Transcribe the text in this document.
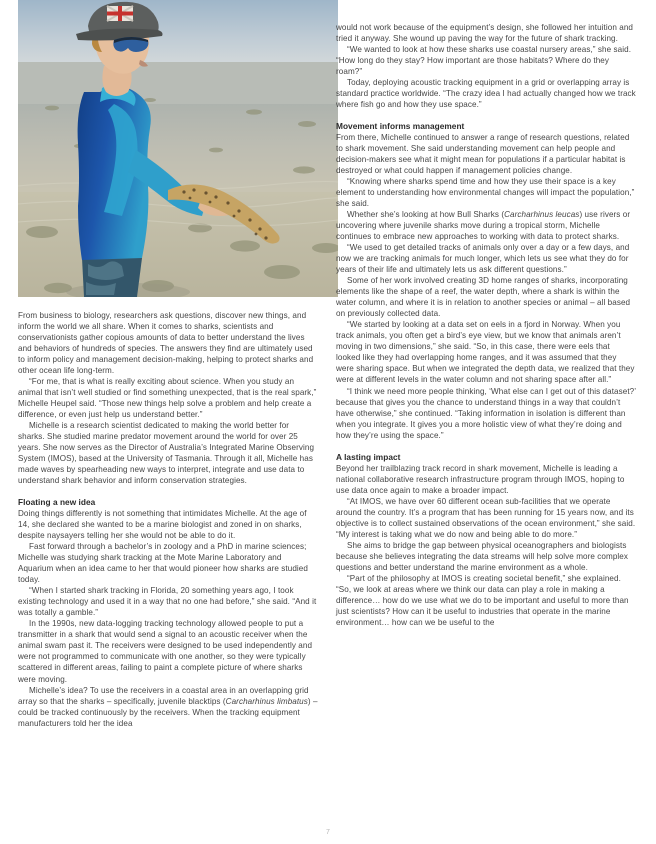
From business to biology, researchers ask questions, discover new things, and inform the world we all share. When it comes to sharks, scientists and conservationists gather copious amounts of data to better understand the lives and behaviors of hundreds of species. The answers they find are ultimately used to inform policy and management decision-making, helping to protect sharks and other ocean life long-term.

“For me, that is what is really exciting about science. When you study an animal that isn’t well studied or find something unexpected, that is the real spark,” Michelle Heupel said. “Those new things help solve a problem and help create a difference, or even just help us understand better.”

Michelle is a research scientist dedicated to making the world better for sharks. She studied marine predator movement around the world for over 25 years. She now serves as the Director of Australia’s Integrated Marine Observing System (IMOS), based at the University of Tasmania. Through it all, Michelle has made waves by spearheading new ways to interpret, integrate and use data to understand shark behavior and inform conservation strategies.

Floating a new idea

Doing things differently is not something that intimidates Michelle. At the age of 14, she declared she wanted to be a marine biologist and zoned in on sharks, despite naysayers telling her she would not be able to do it.

Fast forward through a bachelor’s in zoology and a PhD in marine sciences; Michelle was studying shark tracking at the Mote Marine Laboratory and Aquarium when an idea came to her that would pioneer how sharks are studied today.

“When I started shark tracking in Florida, 20 something years ago, I took existing technology and used it in a way that no one had before,” she said. “And it was totally a gamble.”

In the 1990s, new data-logging tracking technology allowed people to put a transmitter in a shark that would send a signal to an acoustic receiver when the animal swam past it. The receivers were designed to be used independently and were not programmed to communicate with one another, so they were typically scattered in different areas, failing to paint a complete picture of where sharks were moving.

Michelle’s idea? To use the receivers in a coastal area in an overlapping grid array so that the sharks – specifically, juvenile blacktips (Carcharhinus limbatus) – could be tracked continuously by the receivers. When the tracking equipment manufacturers told her the idea

would not work because of the equipment’s design, she followed her intuition and tried it anyway. She wound up paving the way for the future of shark tracking.

“We wanted to look at how these sharks use coastal nursery areas,” she said. “How long do they stay? How important are those habitats? Where do they roam?”

Today, deploying acoustic tracking equipment in a grid or overlapping array is standard practice worldwide. “The crazy idea I had actually changed how we track where fish go and how they use space.”

Movement informs management

From there, Michelle continued to answer a range of research questions, related to shark movement. She said understanding movement can help people and decision-makers see what it might mean for populations if a particular habitat is destroyed or what could happen if management policies change.

“Knowing where sharks spend time and how they use their space is a key element to understanding how environmental changes will impact the population,” she said.

Whether she’s looking at how Bull Sharks (Carcharhinus leucas) use rivers or uncovering where juvenile sharks move during a tropical storm, Michelle continues to embrace new approaches to working with data to protect sharks.

“We used to get detailed tracks of animals only over a day or a few days, and now we are tracking animals for much longer, which lets us see what they do for years of their life and ultimately lets us ask different questions.”

Some of her work involved creating 3D home ranges of sharks, incorporating elements like the shape of a reef, the water depth, where a shark is within the water column, and where it is in relation to another species or animal – all based on previously collected data.

“We started by looking at a data set on eels in a fjord in Norway. When you track animals, you often get a bird’s eye view, but we know that animals aren’t moving in two dimensions,” she said. “So, in this case, there were eels that looked like they had overlapping home ranges, and it was assumed that they were sharing space. But when we integrated the depth data, we realized that they were at different levels in the water column and not sharing space after all.”

“I think we need more people thinking, ‘What else can I get out of this dataset?’ because that gives you the chance to understand things in a way that couldn’t have otherwise,” she continued. “Taking information in isolation is different than when you integrate. It gives you a more holistic view of what they’re doing and how they’re using the space.”

A lasting impact

Beyond her trailblazing track record in shark movement, Michelle is leading a national collaborative research infrastructure program through IMOS, hoping to use data once again to make a broader impact.

“At IMOS, we have over 60 different ocean sub-facilities that we operate around the country. It’s a program that has been running for 15 years now, and its objective is to collect sustained observations of the ocean environment,” she said. “My interest is taking what we do now and being able to do more.”

She aims to bridge the gap between physical oceanographers and biologists because she believes integrating the data streams will help solve more complex questions and better understand the marine environment as a whole.

“Part of the philosophy at IMOS is creating societal benefit,” she explained. “So, we look at areas where we think our data can play a role in making a difference… how do we use what we do to be important and useful to more than just scientists? How can it be useful to industries that operate in the marine environment… how can we be useful to the

7
